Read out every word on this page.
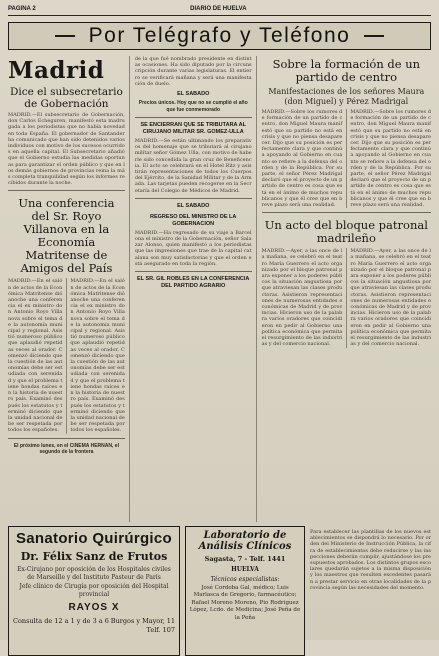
PAGINA 2	DIARIO DE HUELVA
Por Telégrafo y Teléfono
Madrid
Dice el subsecretario de Gobernación
MADRID.—El subsecretario de Gobernación, don Carlos Echeguren, manifestó esta madrugada a los periodistas que no había novedad en toda España. El gobernador de Santander ha comunicado que han sido detenidos varios individuos con motivo de los sucesos ocurridos en aquella capital. El Subsecretario añadió que el Gobierno estudia las medidas oportunas para garantizar el orden público y que en los demás gobiernos de provincias reina la más completa tranquilidad según los informes recibidos durante la noche.
Una conferencia del Sr. Royo Villanova en la Economía Matritense de Amigos del País
MADRID.—En el salón de actos de la Económica Matritense dió anoche una conferencia el ex ministro don Antonio Royo Villanova sobre el tema de la autonomía municipal y regional. Asistió numeroso público que aplaudió repetidas veces al orador. Comenzó diciendo que la cuestión de las autonomías debe ser estudiada con serenidad y que el problema tiene hondas raíces en la historia de nuestro país. Examinó después los estatutos y terminó diciendo que la unidad nacional debe ser respetada por todos los españoles.
MADRID.—En el salón de actos de la Económica Matritense dió anoche una conferencia el ex ministro don Antonio Royo Villanova sobre el tema de la autonomía municipal y regional. Asistió numeroso público que aplaudió repetidas veces al orador. Comenzó diciendo que la cuestión de las autonomías debe ser estudiada con serenidad y que el problema tiene hondas raíces en la historia de nuestro país. Examinó después los estatutos y terminó diciendo que la unidad nacional debe ser respetada por todos los españoles.
El próximo lunes, en el CINEMA HERNAN, el segundo de la frontera
de la que fué nombrado presidente en distintas ocasiones. Ha sido diputado por la circunscripción durante varias legislaturas. El entierro se verificará mañana y será una manifestación de duelo.
EL SABADO
Precios únicos. Hoy que no se cumplió el año que fue conmemorado
SE ENCIERRAN QUE SE TRIBUTARA AL CIRUJANO MILITAR SR. GOMEZ-ULLA
MADRID.—Se están ultimando los preparativos del homenaje que se tributará al cirujano militar señor Gómez Ulla, con motivo de haberle sido concedida la gran cruz de Beneficencia. El acto se celebrará en el Hotel Ritz y asistirán representaciones de todos los Cuerpos del Ejército, de la Sanidad Militar y de la Armada. Las tarjetas pueden recogerse en la Secretaría del Colegio de Médicos de Madrid.
EL SABADO
REGRESO DEL MINISTRO DE LA GOBERNACION
MADRID.—Ha regresado de su viaje a Barcelona el ministro de la Gobernación, señor Salazar Alonso, quien manifestó a los periodistas que las impresiones que trae de la capital catalana son muy satisfactorias y que el orden está asegurado en toda la región.
EL SR. GIL ROBLES EN LA CONFERENCIA DEL PARTIDO AGRARIO
Sobre la formación de un partido de centro
Manifestaciones de los señores Maura (don Miguel) y Pérez Madrigal
MADRID.—Sobre los rumores de formación de un partido de centro, don Miguel Maura manifestó que su partido no está en crisis y que no piensa desaparecer. Dijo que su posición es perfectamente clara y que continúa apoyando al Gobierno en cuanto se refiere a la defensa del orden y de la República. Por su parte, el señor Pérez Madrigal declaró que el proyecto de un partido de centro es cosa que está en el ánimo de muchos republicanos y que él cree que en breve plazo será una realidad.
MADRID.—Sobre los rumores de formación de un partido de centro, don Miguel Maura manifestó que su partido no está en crisis y que no piensa desaparecer. Dijo que su posición es perfectamente clara y que continúa apoyando al Gobierno en cuanto se refiere a la defensa del orden y de la República. Por su parte, el señor Pérez Madrigal declaró que el proyecto de un partido de centro es cosa que está en el ánimo de muchos republicanos y que él cree que en breve plazo será una realidad.
Un acto del bloque patronal madrileño
MADRID.—Ayer, a las once de la mañana, se celebró en el teatro María Guerrero el acto organizado por el bloque patronal para exponer a los poderes públicos la situación angustiosa por que atraviesan las clases productoras. Asistieron representaciones de numerosas entidades económicas de Madrid y de provincias. Hicieron uso de la palabra varios oradores que coincidieron en pedir al Gobierno una política económica que permita el resurgimiento de las industrias y del comercio nacional.
MADRID.—Ayer, a las once de la mañana, se celebró en el teatro María Guerrero el acto organizado por el bloque patronal para exponer a los poderes públicos la situación angustiosa por que atraviesan las clases productoras. Asistieron representaciones de numerosas entidades económicas de Madrid y de provincias. Hicieron uso de la palabra varios oradores que coincidieron en pedir al Gobierno una política económica que permita el resurgimiento de las industrias y del comercio nacional.
Sanatorio Quirúrgico
Dr. Félix Sanz de Frutos
Ex-Cirujano por oposición de los Hospitales civiles de Marseille y del Instituto Pasteur de París
Jefe clínico de Cirugía por oposición del Hospital provincial
RAYOS X
Consulta de 12 a 1 y de 3 a 6 Burgos y Mayor, 11
Telf. 107
Laboratorio de Análisis Clínicos
Sagasta, 7 - Telf. 1441
HUELVA
Técnicos especialistas:
José Cordoba Gal, médico; Luis Marlasca de Gregorio, farmacéutico; Rafael Moreno Moreno, Pio Rodriguez López, Lcdo. de Medicina; José Peña de la Peña
Para establecer las plantillas de los nuevos establecimientos se dispondrá lo necesario. Por orden del Ministerio de Instrucción Pública, la cifra de establecimientos debe reducirse y las inspecciones deberán cumplir, ajustándose los presupuestos aprobados. Los distintos grupos escolares quedarán sujetos a la misma disposición y los maestros que resulten excedentes pasarán a prestar servicio en otras localidades de la provincia según las necesidades del momento.
